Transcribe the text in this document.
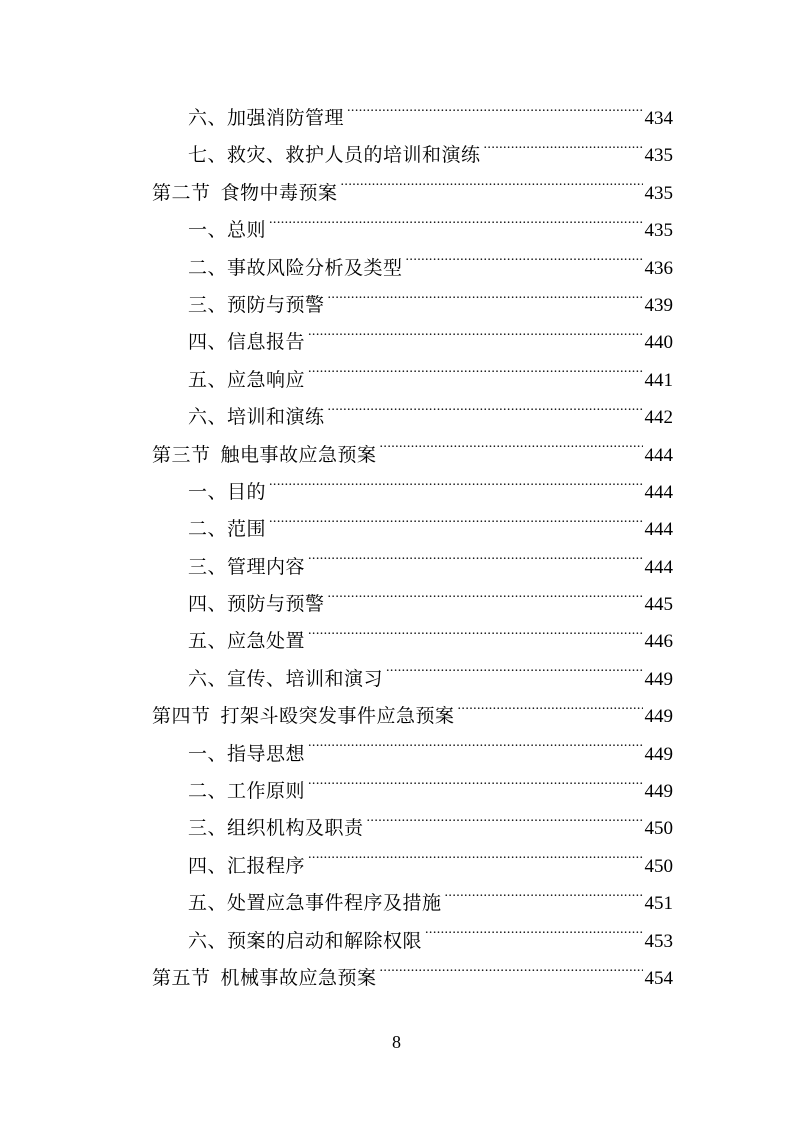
六、 加强消防管理 .....	434
七、 救灾、救护人员的培训和演练 .....	435
第二节 食物中毒预案 .....	435
一、 总则 .....	435
二、 事故风险分析及类型 .....	436
三、 预防与预警 .....	439
四、 信息报告 .....	440
五、 应急响应 .....	441
六、 培训和演练 .....	442
第三节 触电事故应急预案 .....	444
一、 目的 .....	444
二、 范围 .....	444
三、 管理内容 .....	444
四、 预防与预警 .....	445
五、 应急处置 .....	446
六、 宣传、培训和演习 .....	449
第四节 打架斗殴突发事件应急预案 .....	449
一、 指导思想 .....	449
二、 工作原则 .....	449
三、 组织机构及职责 .....	450
四、 汇报程序 .....	450
五、 处置应急事件程序及措施 .....	451
六、 预案的启动和解除权限 .....	453
第五节 机械事故应急预案 .....	454
8
